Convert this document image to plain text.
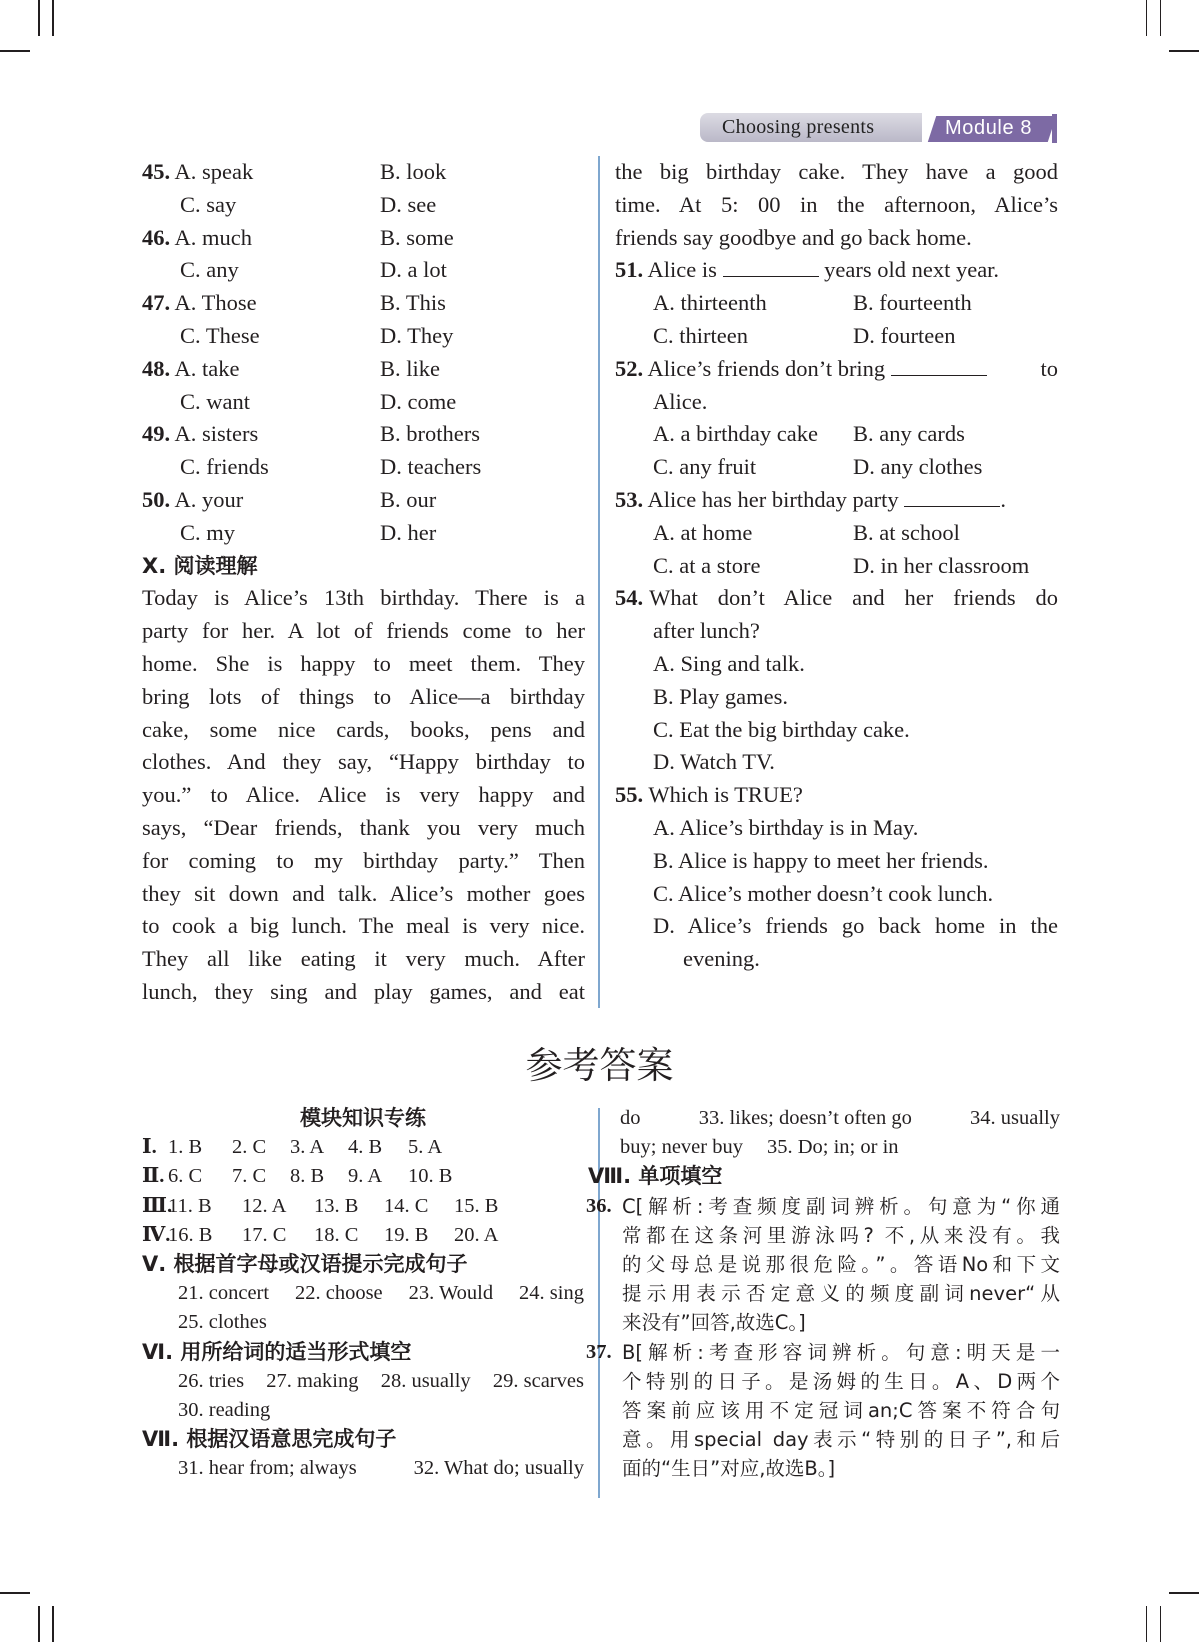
Choosing presents	Module 8
45. A. speak	B. look
C. say	D. see
46. A. much	B. some
C. any	D. a lot
47. A. Those	B. This
C. These	D. They
48. A. take	B. like
C. want	D. come
49. A. sisters	B. brothers
C. friends	D. teachers
50. A. your	B. our
C. my	D. her
X. 阅读理解
Today is Alice’s 13th birthday. There is a
party for her. A lot of friends come to her
home. She is happy to meet them. They
bring lots of things to Alice—a birthday
cake, some nice cards, books, pens and
clothes. And they say, “Happy birthday to
you.” to Alice. Alice is very happy and
says, “Dear friends, thank you very much
for coming to my birthday party.” Then
they sit down and talk. Alice’s mother goes
to cook a big lunch. The meal is very nice.
They all like eating it very much. After
lunch, they sing and play games, and eat
the big birthday cake. They have a good
time. At 5: 00 in the afternoon, Alice’s
friends say goodbye and go back home.
51. Alice is	years old next year.
A. thirteenth	B. fourteenth
C. thirteen	D. fourteen
52. Alice’s friends don’t bring	to
Alice.
A. a birthday cake B. any cards
C. any fruit	D. any clothes
53. Alice has her birthday party	.
A. at home	B. at school
C. at a store	D. in her classroom
54. What don’t Alice and her friends do
after lunch?
A. Sing and talk.
B. Play games.
C. Eat the big birthday cake.
D. Watch TV.
55. Which is TRUE?
A. Alice’s birthday is in May.
B. Alice is happy to meet her friends.
C. Alice’s mother doesn’t cook lunch.
D. Alice’s friends go back home in the
evening.
参考答案
模块知识专练
Ⅰ. 1. B 2. C 3. A 4. B 5. A
Ⅱ. 6. C 7. C 8. B 9. A 10. B
Ⅲ.
11. B 12. A 13. B 14. C 15. B
Ⅳ.
16. B 17. C 18. C 19. B 20. A
Ⅴ. 根据首字母或汉语提示完成句子
21. concert 22. choose 23. Would 24. sing
25. clothes
Ⅵ. 用所给词的适当形式填空
26. tries 27. making 28. usually 29. scarves
30. reading
Ⅶ. 根据汉语意思完成句子
31. hear from; always	32. What do; usually
do	33. likes; doesn’t often go	34. usually
buy; never buy 35. Do; in; or in
Ⅷ. 单项填空
36. C[解析:考查频度副词辨析。句意为“你通
常都在这条河里游泳吗? 不,从来没有。我
的父母总是说那很危险。”。答语No和下文
提示用表示否定意义的频度副词never“从
来没有”回答,故选C。]
37. B[解析:考查形容词辨析。句意:明天是一
个特别的日子。是汤姆的生日。A、D两个
答案前应该用不定冠词an;C答案不符合句
意。用special day表示“特别的日子”,和后
面的“生日”对应,故选B。]
